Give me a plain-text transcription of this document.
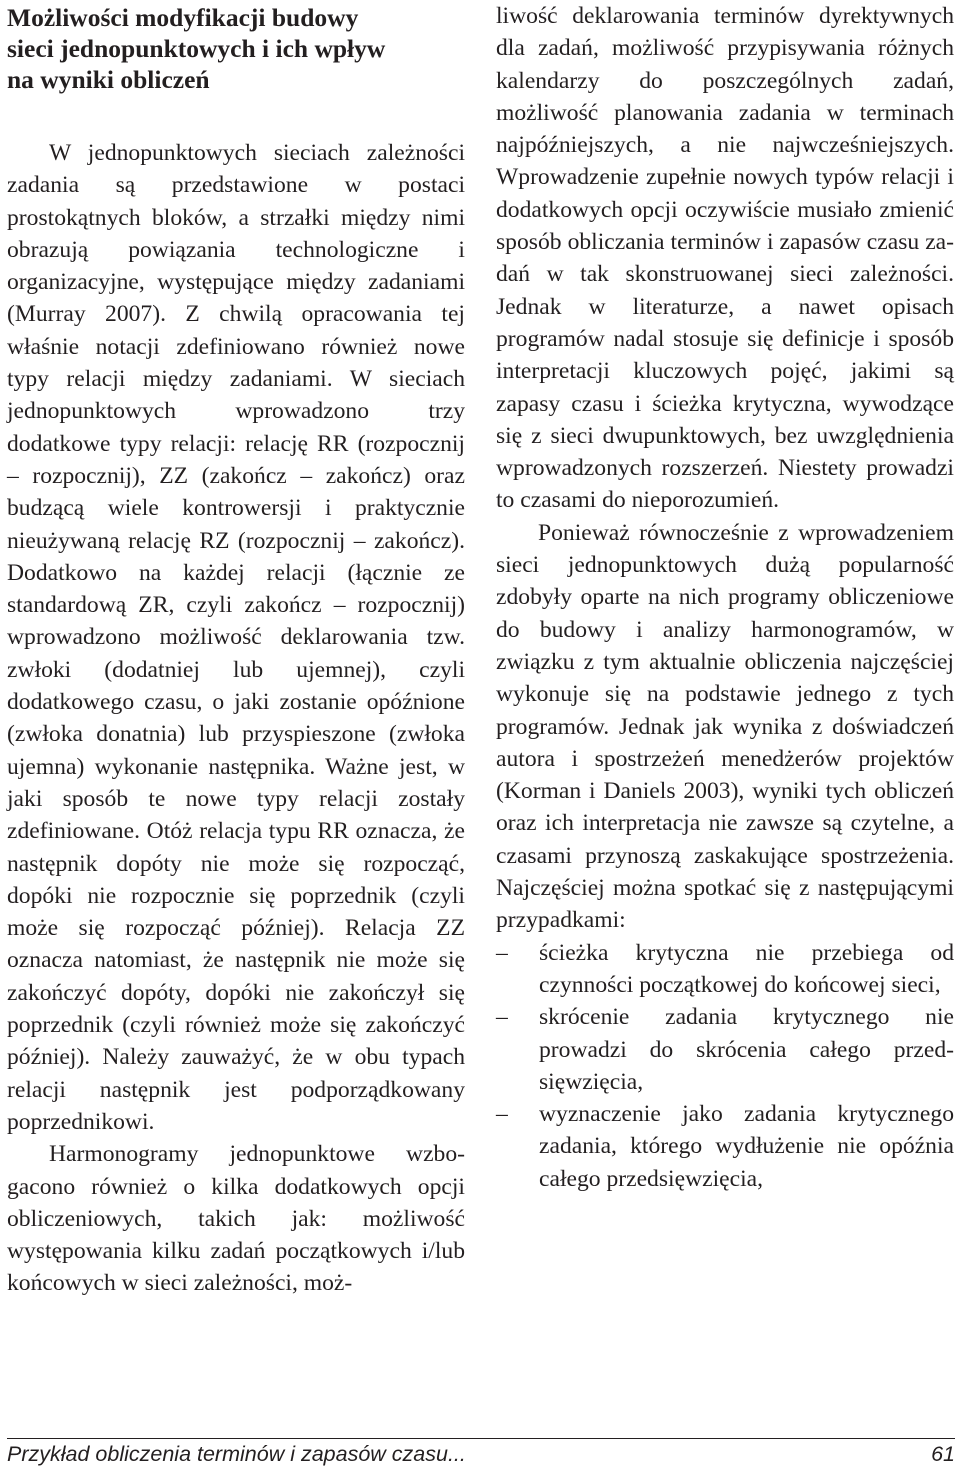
Możliwości modyfikacji budowy
sieci jednopunktowych i ich wpływ
na wyniki obliczeń

W jednopunktowych sieciach zależności zadania są przedstawione w postaci prostokątnych bloków, a strzałki między nimi obrazują powiązania technologiczne i organizacyjne, występujące między zadaniami (Murray 2007). Z chwilą opracowania tej właśnie notacji zdefiniowano również nowe typy relacji między zadaniami. W sieciach jednopunktowych wprowadzono trzy dodatkowe typy relacji: relację RR (rozpocznij – rozpocznij), ZZ (zakończ – zakończ) oraz budzącą wiele kontrowersji i praktycznie nieużywaną relację RZ (rozpocznij – zakończ). Dodatkowo na każdej relacji (łącznie ze standardową ZR, czyli zakończ – rozpocznij) wprowadzono możliwość deklarowania tzw. zwłoki (dodatniej lub ujemnej), czyli dodatkowego czasu, o jaki zostanie opóźnione (zwłoka donatnia) lub przyspieszone (zwłoka ujemna) wykonanie następnika. Ważne jest, w jaki sposób te nowe typy relacji zostały zdefiniowane. Otóż relacja typu RR oznacza, że następnik dopóty nie może się rozpocząć, dopóki nie rozpocznie się poprzednik (czyli może się rozpocząć później). Relacja ZZ oznacza natomiast, że następnik nie może się zakończyć dopóty, dopóki nie zakończył się poprzednik (czyli również może się zakończyć później). Należy zauważyć, że w obu typach relacji następnik jest podporządkowany poprzednikowi.

Harmonogramy jednopunktowe wzbogacono również o kilka dodatkowych opcji obliczeniowych, takich jak: możliwość występowania kilku zadań początkowych i/lub końcowych w sieci zależności, moż-

liwość deklarowania terminów dyrektywnych dla zadań, możliwość przypisywania różnych kalendarzy do poszczególnych zadań, możliwość planowania zadania w terminach najpóźniejszych, a nie najwcześniejszych. Wprowadzenie zupełnie nowych typów relacji i dodatkowych opcji oczywiście musiało zmienić sposób obliczania terminów i zapasów czasu zadań w tak skonstruowanej sieci zależności. Jednak w literaturze, a nawet opisach programów nadal stosuje się definicje i sposób interpretacji kluczowych pojęć, jakimi są zapasy czasu i ścieżka krytyczna, wywodzące się z sieci dwupunktowych, bez uwzględnienia wprowadzonych rozszerzeń. Niestety prowadzi to czasami do nieporozumień.

Ponieważ równocześnie z wprowadzeniem sieci jednopunktowych dużą popularność zdobyły oparte na nich programy obliczeniowe do budowy i analizy harmonogramów, w związku z tym aktualnie obliczenia najczęściej wykonuje się na podstawie jednego z tych programów. Jednak jak wynika z doświadczeń autora i spostrzeżeń menedżerów projektów (Korman i Daniels 2003), wyniki tych obliczeń oraz ich interpretacja nie zawsze są czytelne, a czasami przynoszą zaskakujące spostrzeżenia. Najczęściej można spotkać się z następującymi przypadkami:

–	ścieżka krytyczna nie przebiega od czynności początkowej do końcowej sieci,
–	skrócenie zadania krytycznego nie prowadzi do skrócenia całego przedsięwzięcia,
–	wyznaczenie jako zadania krytycznego zadania, którego wydłużenie nie opóźnia całego przedsięwzięcia,
Przykład obliczenia terminów i zapasów czasu...	61
